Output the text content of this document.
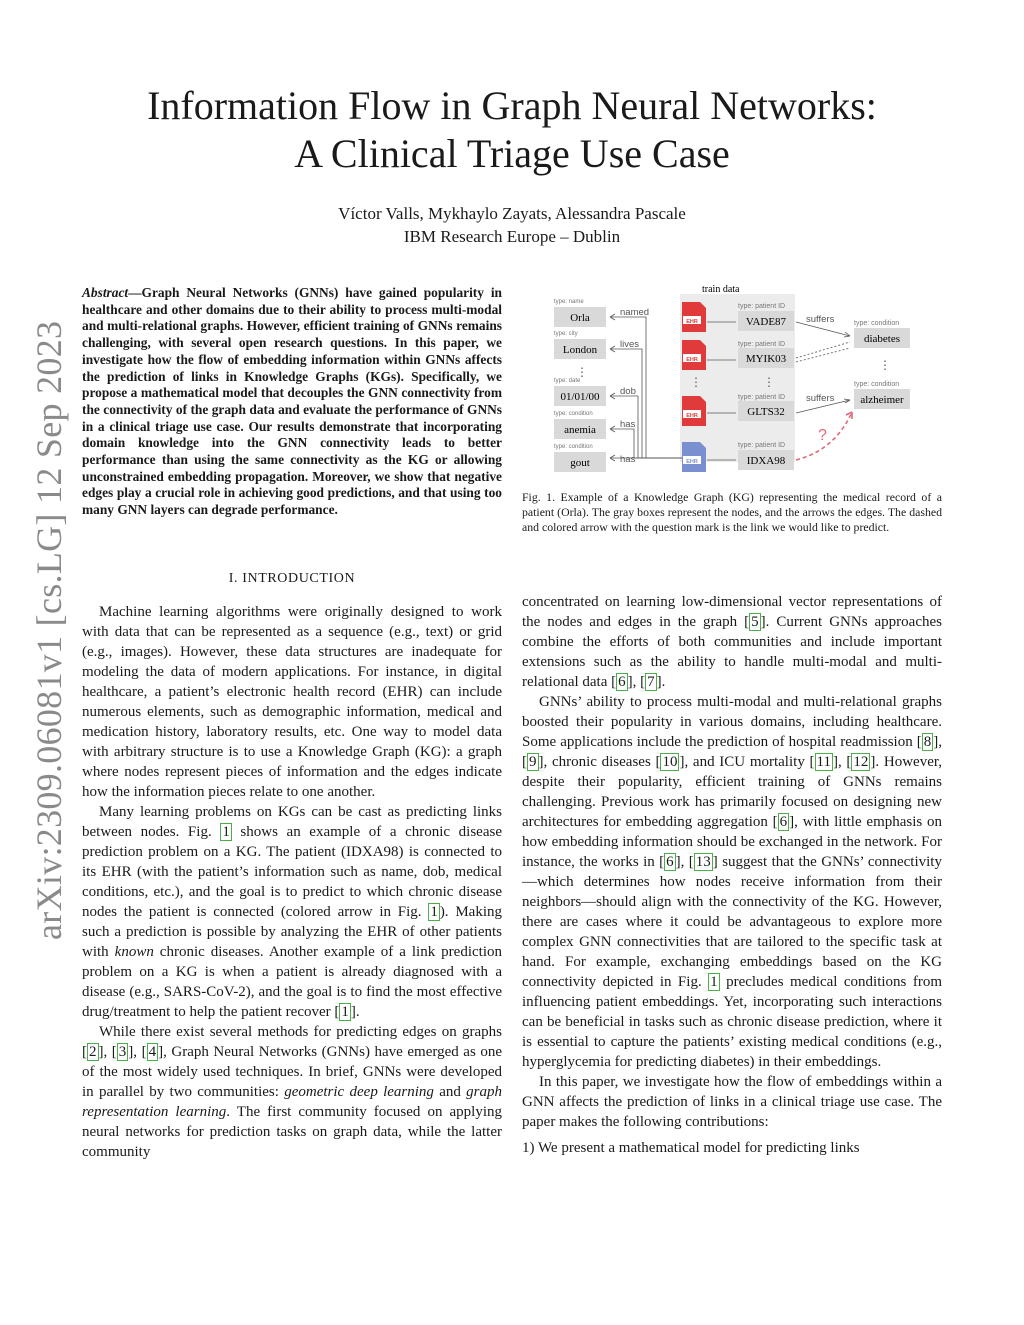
arXiv:2309.06081v1 [cs.LG] 12 Sep 2023
Information Flow in Graph Neural Networks:
A Clinical Triage Use Case
Víctor Valls, Mykhaylo Zayats, Alessandra Pascale
IBM Research Europe – Dublin
Abstract—Graph Neural Networks (GNNs) have gained popularity in healthcare and other domains due to their ability to process multi-modal and multi-relational graphs. However, efficient training of GNNs remains challenging, with several open research questions. In this paper, we investigate how the flow of embedding information within GNNs affects the prediction of links in Knowledge Graphs (KGs). Specifically, we propose a mathematical model that decouples the GNN connectivity from the connectivity of the graph data and evaluate the performance of GNNs in a clinical triage use case. Our results demonstrate that incorporating domain knowledge into the GNN connectivity leads to better performance than using the same connectivity as the KG or allowing unconstrained embedding propagation. Moreover, we show that negative edges play a crucial role in achieving good predictions, and that using too many GNN layers can degrade performance.
I. INTRODUCTION

Machine learning algorithms were originally designed to work with data that can be represented as a sequence (e.g., text) or grid (e.g., images). However, these data structures are inadequate for modeling the data of modern applications. For instance, in digital healthcare, a patient’s electronic health record (EHR) can include numerous elements, such as demographic information, medical and medication history, laboratory results, etc. One way to model data with arbitrary structure is to use a Knowledge Graph (KG): a graph where nodes represent pieces of information and the edges indicate how the information pieces relate to one another.

Many learning problems on KGs can be cast as predicting links between nodes. Fig. 1 shows an example of a chronic disease prediction problem on a KG. The patient (IDXA98) is connected to its EHR (with the patient’s information such as name, dob, medical conditions, etc.), and the goal is to predict to which chronic disease nodes the patient is connected (colored arrow in Fig. 1 ). Making such a prediction is possible by analyzing the EHR of other patients with known chronic diseases. Another example of a link prediction problem on a KG is when a patient is already diagnosed with a disease (e.g., SARS-CoV-2), and the goal is to find the most effective drug/treatment to help the patient recover [ 1 ].

While there exist several methods for predicting edges on graphs [ 2 ], [ 3 ], [ 4 ], Graph Neural Networks (GNNs) have emerged as one of the most widely used techniques. In brief, GNNs were developed in parallel by two communities: geometric deep learning and graph representation learning. The first community focused on applying neural networks for prediction tasks on graph data, while the latter community

train data
type: name
Orla
type: city
London
⋮
type: date
01/01/00
type: condition
anemia
type: condition
gout
named
lives
dob
has
has
EHR
EHR
⋮
EHR
EHR
type: patient ID
VADE87
type: patient ID
MYIK03
⋮
type: patient ID
GLTS32
type: patient ID
IDXA98
type: condition
diabetes
⋮
type: condition
alzheimer
suffers
suffers
?
Fig. 1. Example of a Knowledge Graph (KG) representing the medical record of a patient (Orla). The gray boxes represent the nodes, and the arrows the edges. The dashed and colored arrow with the question mark is the link we would like to predict.

concentrated on learning low-dimensional vector representations of the nodes and edges in the graph [ 5 ]. Current GNNs approaches combine the efforts of both communities and include important extensions such as the ability to handle multi-modal and multi-relational data [ 6 ], [ 7 ].

GNNs’ ability to process multi-modal and multi-relational graphs boosted their popularity in various domains, including healthcare. Some applications include the prediction of hospital readmission [ 8 ], [ 9 ], chronic diseases [ 10 ], and ICU mortality [ 11 ], [ 12 ]. However, despite their popularity, efficient training of GNNs remains challenging. Previous work has primarily focused on designing new architectures for embedding aggregation [ 6 ], with little emphasis on how embedding information should be exchanged in the network. For instance, the works in [ 6 ], [ 13 ] suggest that the GNNs’ connectivity—which determines how nodes receive information from their neighbors—should align with the connectivity of the KG. However, there are cases where it could be advantageous to explore more complex GNN connectivities that are tailored to the specific task at hand. For example, exchanging embeddings based on the KG connectivity depicted in Fig. 1 precludes medical conditions from influencing patient embeddings. Yet, incorporating such interactions can be beneficial in tasks such as chronic disease prediction, where it is essential to capture the patients’ existing medical conditions (e.g., hyperglycemia for predicting diabetes) in their embeddings.

In this paper, we investigate how the flow of embeddings within a GNN affects the prediction of links in a clinical triage use case. The paper makes the following contributions:

1) We present a mathematical model for predicting links
